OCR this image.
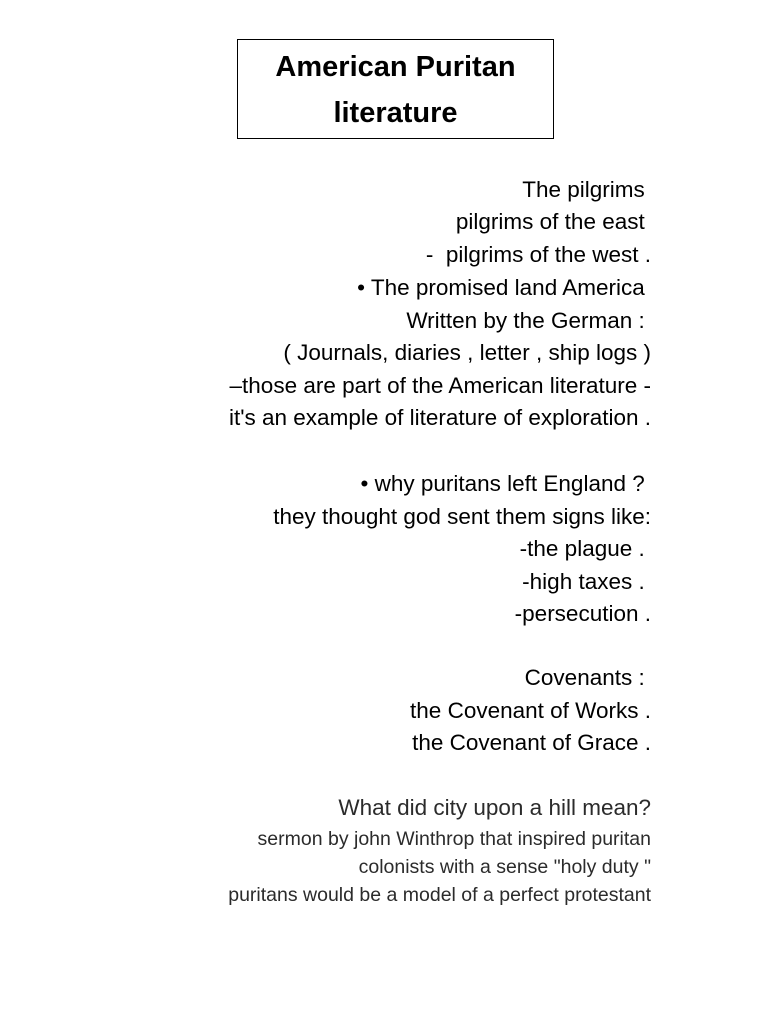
American Puritan
literature
The pilgrims
pilgrims of the east
-  pilgrims of the west .
• The promised land America
Written by the German :
( Journals, diaries , letter , ship logs )
–those are part of the American literature -
it's an example of literature of exploration .
• why puritans left England ?
they thought god sent them signs like:
-the plague .
-high taxes .
-persecution .
Covenants :
the Covenant of Works .
the Covenant of Grace .
What did city upon a hill mean?
sermon by john Winthrop that inspired puritan
colonists with a sense "holy duty "
puritans would be a model of a perfect protestant
